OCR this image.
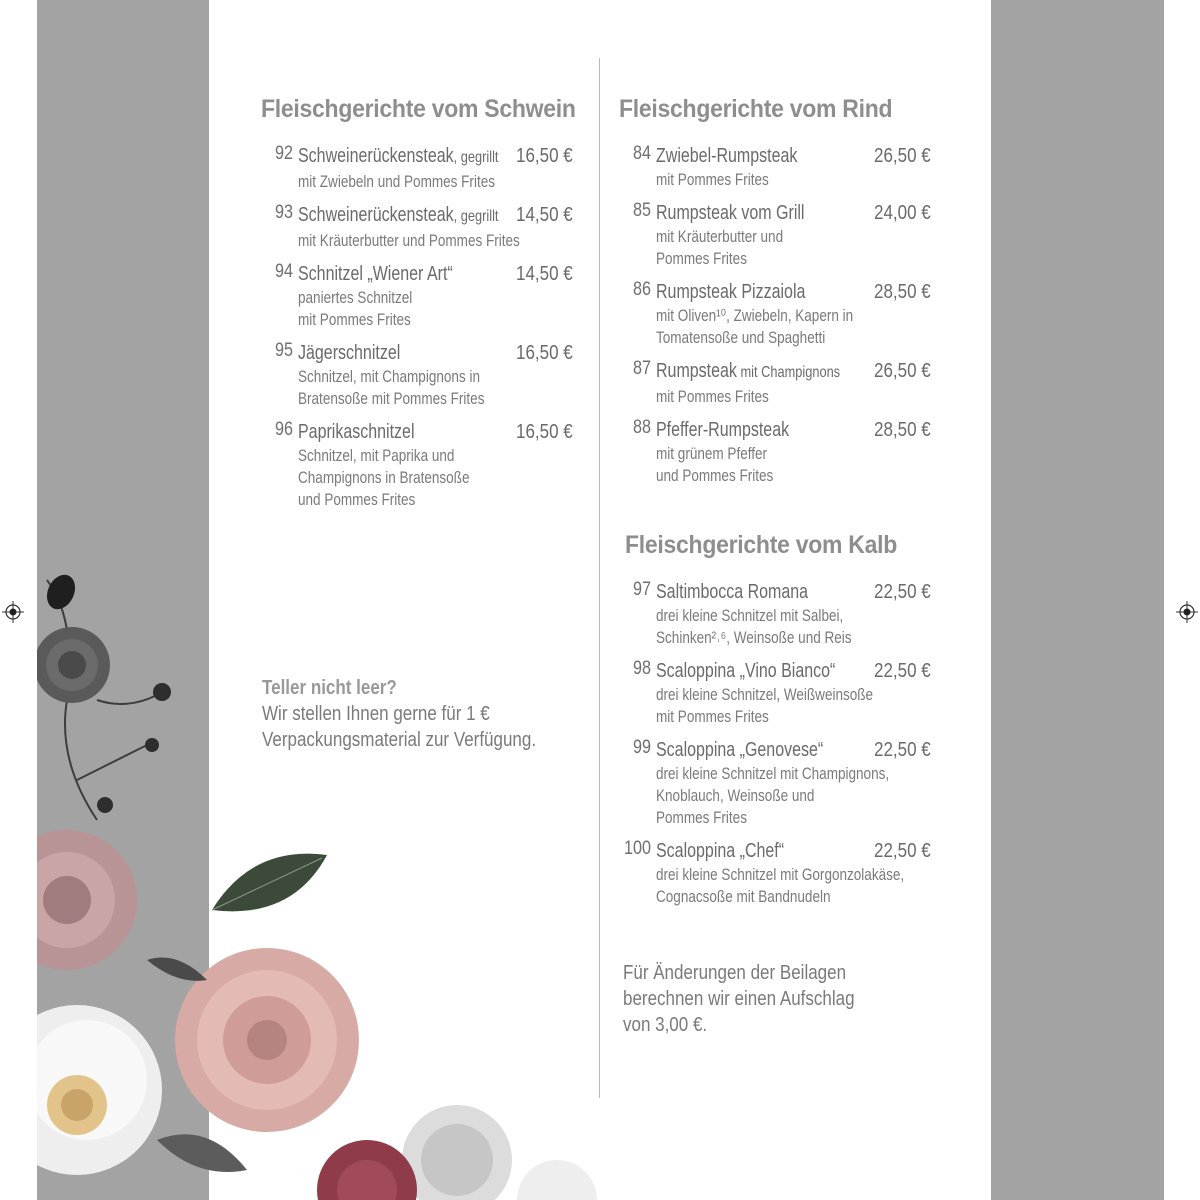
Fleischgerichte vom Schwein
92	16,50 €
Schweinerückensteak, gegrillt
mit Zwiebeln und Pommes Frites
93	14,50 €
Schweinerückensteak, gegrillt
mit Kräuterbutter und Pommes Frites
94	14,50 €
Schnitzel „Wiener Art“
paniertes Schnitzel
mit Pommes Frites
95	16,50 €
Jägerschnitzel
Schnitzel, mit Champignons in
Bratensoße mit Pommes Frites
96	16,50 €
Paprikaschnitzel
Schnitzel, mit Paprika und
Champignons in Bratensoße
und Pommes Frites
Fleischgerichte vom Rind
84	26,50 €
Zwiebel-Rumpsteak
mit Pommes Frites
85	24,00 €
Rumpsteak vom Grill
mit Kräuterbutter und
Pommes Frites
86	28,50 €
Rumpsteak Pizzaiola
mit Oliven¹⁰, Zwiebeln, Kapern in
Tomatensoße und Spaghetti
87	26,50 €
Rumpsteak mit Champignons
mit Pommes Frites
88	28,50 €
Pfeffer-Rumpsteak
mit grünem Pfeffer
und Pommes Frites
Fleischgerichte vom Kalb
97	22,50 €
Saltimbocca Romana
drei kleine Schnitzel mit Salbei,
Schinken²˒⁶, Weinsoße und Reis
98	22,50 €
Scaloppina „Vino Bianco“
drei kleine Schnitzel, Weißweinsoße
mit Pommes Frites
99	22,50 €
Scaloppina „Genovese“
drei kleine Schnitzel mit Champignons,
Knoblauch, Weinsoße und
Pommes Frites
100	22,50 €
Scaloppina „Chef“
drei kleine Schnitzel mit Gorgonzolakäse,
Cognacsoße mit Bandnudeln
Teller nicht leer?
Wir stellen Ihnen gerne für 1 €
Verpackungsmaterial zur Verfügung.
Für Änderungen der Beilagen
berechnen wir einen Aufschlag
von 3,00 €.
